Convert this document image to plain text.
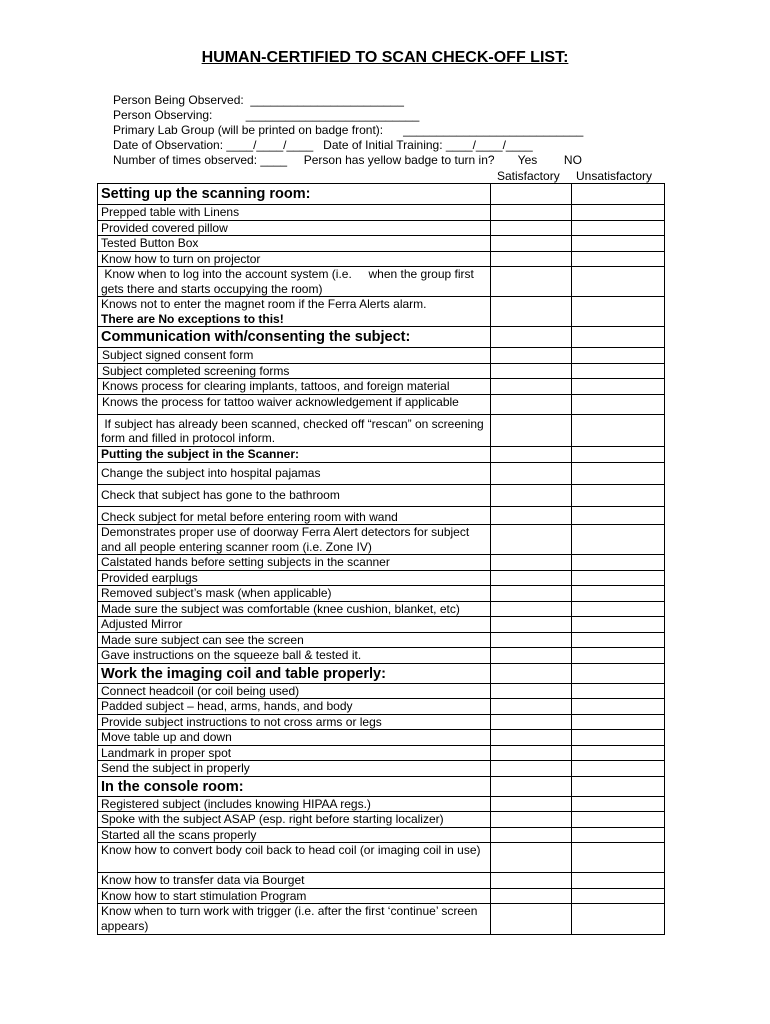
HUMAN-CERTIFIED TO SCAN CHECK-OFF LIST:
Person Being Observed:  _______________________
Person Observing:          __________________________
Primary Lab Group (will be printed on badge front):      ___________________________
Date of Observation: ____/____/____   Date of Initial Training: ____/____/____
Number of times observed: ____     Person has yellow badge to turn in?       Yes        NO
Satisfactory Unsatisfactory
Setting up the scanning room:		
Prepped table with Linens		
Provided covered pillow		
Tested Button Box		
Know how to turn on projector		
Know when to log into the account system (i.e.     when the group first gets there and starts occupying the room)		

Knows not to enter the magnet room if the Ferra Alerts alarm.
There are No exceptions to this!		

Communication with/consenting the subject:		
Subject signed consent form		
Subject completed screening forms		
Knows process for clearing implants, tattoos, and foreign material		
Knows the process for tattoo waiver acknowledgement if applicable		
If subject has already been scanned, checked off “rescan” on screening form and filled in protocol inform.		
Putting the subject in the Scanner:		
Change the subject into hospital pajamas		
Check that subject has gone to the bathroom		
Check subject for metal before entering room with wand		
Demonstrates proper use of doorway Ferra Alert detectors for subject and all people entering scanner room (i.e. Zone IV)		
Calstated hands before setting subjects in the scanner		
Provided earplugs		
Removed subject’s mask (when applicable)		
Made sure the subject was comfortable (knee cushion, blanket, etc)		
Adjusted Mirror		
Made sure subject can see the screen		
Gave instructions on the squeeze ball & tested it.		
Work the imaging coil and table properly:		
Connect headcoil (or coil being used)		
Padded subject – head, arms, hands, and body		
Provide subject instructions to not cross arms or legs		
Move table up and down		
Landmark in proper spot		
Send the subject in properly		
In the console room:		
Registered subject (includes knowing HIPAA regs.)		
Spoke with the subject ASAP (esp. right before starting localizer)		
Started all the scans properly		
Know how to convert body coil back to head coil (or imaging coil in use)		
Know how to transfer data via Bourget		
Know how to start stimulation Program		
Know when to turn work with trigger (i.e. after the first ‘continue’ screen appears)		
